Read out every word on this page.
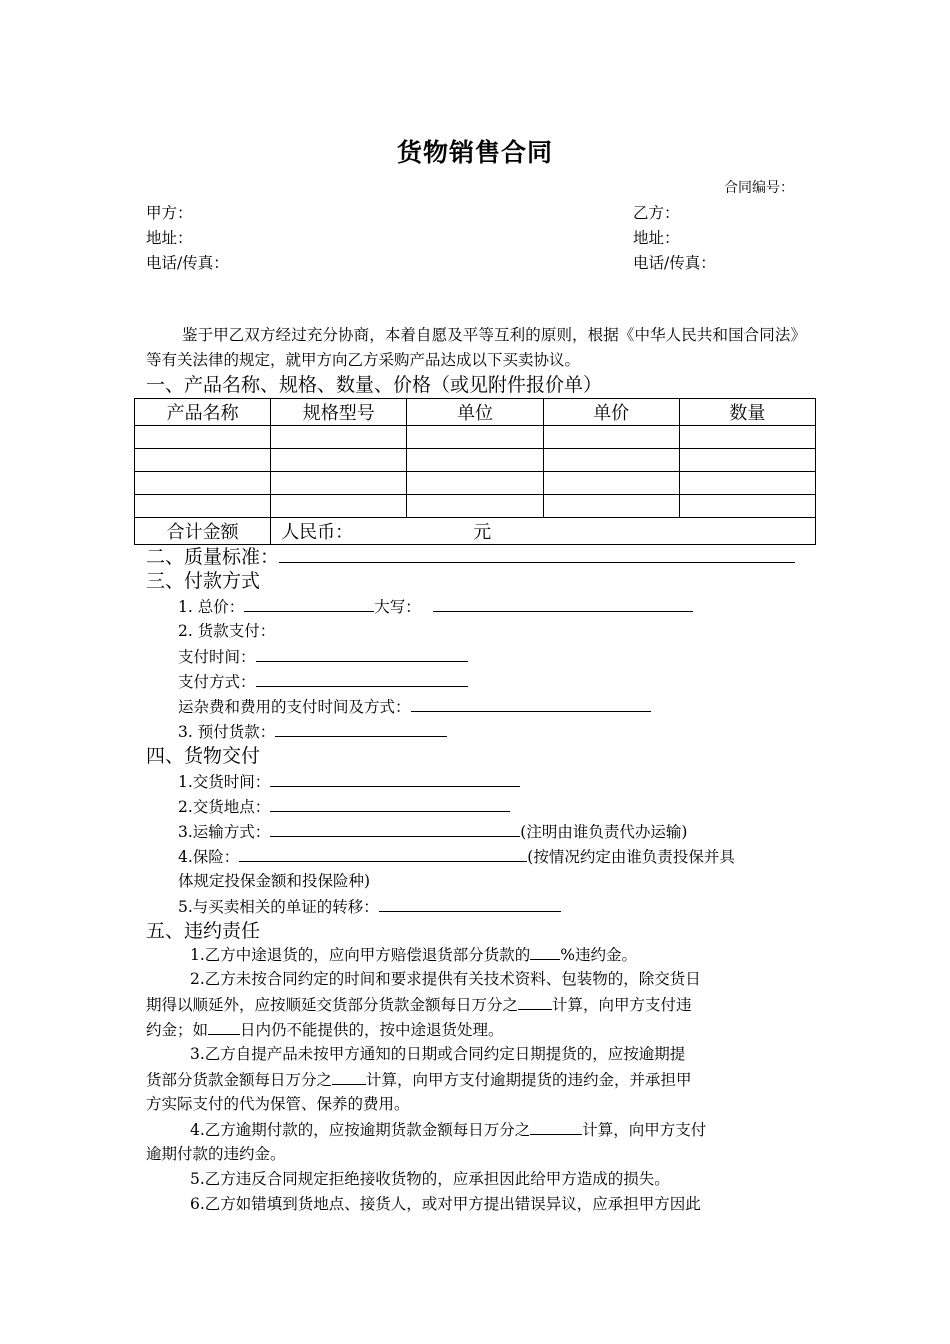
货物销售合同
合同编号：
甲方：	乙方：
地址：	地址：
电话/传真：	电话/传真：
鉴于甲乙双方经过充分协商，本着自愿及平等互利的原则，根据《中华人民共和国合同法》等有关法律的规定，就甲方向乙方采购产品达成以下买卖协议。
一、产品名称、规格、数量、价格（或见附件报价单）
产品名称	规格型号	单位	单价	数量

合计金额	人民币： 元			
二、质量标准：
三、付款方式
1. 总价：	大写：
2. 货款支付：
支付时间：
支付方式：
运杂费和费用的支付时间及方式：
3. 预付货款：
四、货物交付
1.交货时间：
2.交货地点：
3.运输方式：	(注明由谁负责代办运输)
4.保险：	(按情况约定由谁负责投保并具
体规定投保金额和投保险种)
5.与买卖相关的单证的转移：
五、违约责任
1.乙方中途退货的，应向甲方赔偿退货部分货款的 %违约金。
2.乙方未按合同约定的时间和要求提供有关技术资料、包装物的，除交货日
期得以顺延外，应按顺延交货部分货款金额每日万分之 计算，向甲方支付违
约金；如 日内仍不能提供的，按中途退货处理。
3.乙方自提产品未按甲方通知的日期或合同约定日期提货的，应按逾期提
货部分货款金额每日万分之 计算，向甲方支付逾期提货的违约金，并承担甲
方实际支付的代为保管、保养的费用。
4.乙方逾期付款的，应按逾期货款金额每日万分之	计算，向甲方支付
逾期付款的违约金。
5.乙方违反合同规定拒绝接收货物的，应承担因此给甲方造成的损失。
6.乙方如错填到货地点、接货人，或对甲方提出错误异议，应承担甲方因此
